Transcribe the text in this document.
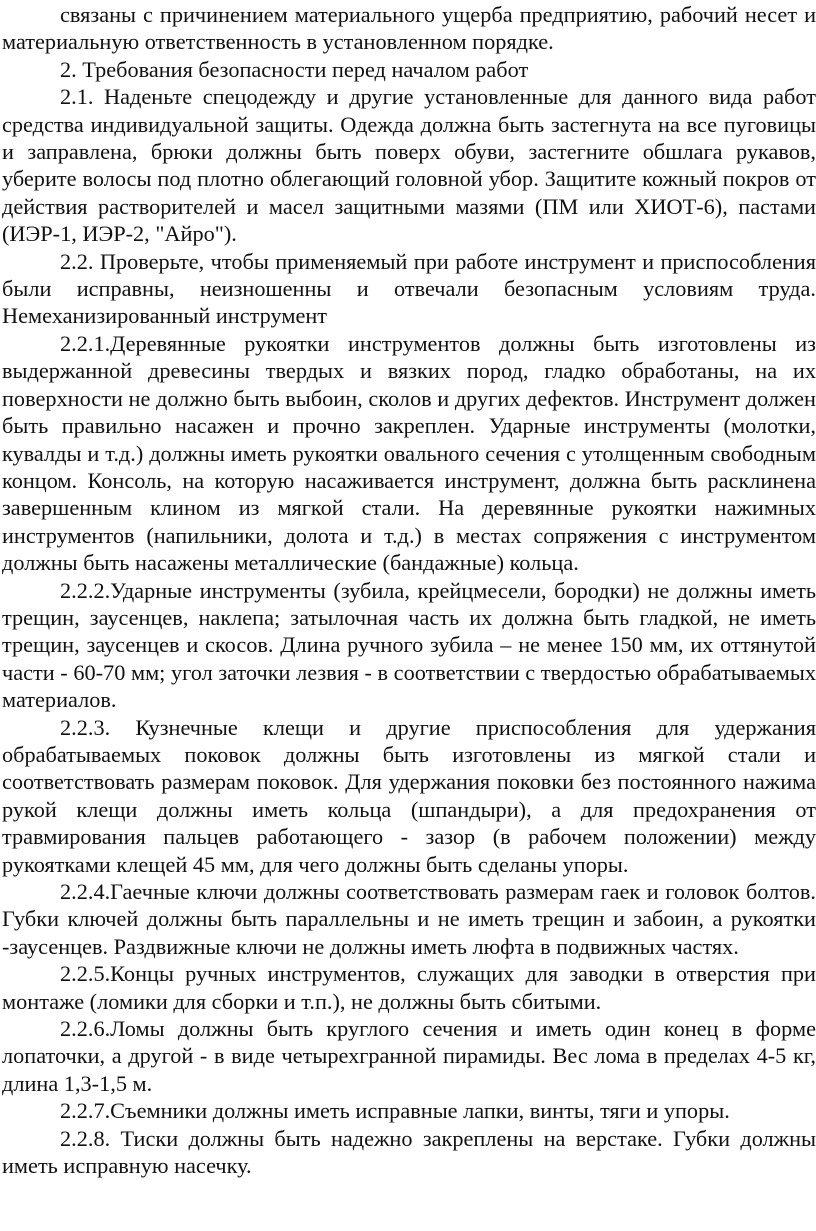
связаны с причинением материального ущерба предприятию, рабочий несет и материальную ответственность в установленном порядке.

2. Требования безопасности перед началом работ

2.1. Наденьте спецодежду и другие установленные для данного вида работ средства индивидуальной защиты. Одежда должна быть застегнута на все пуговицы и заправлена, брюки должны быть поверх обуви, застегните обшлага рукавов, уберите волосы под плотно облегающий головной убор. Защитите кожный покров от действия растворителей и масел защитными мазями (ПМ или ХИОТ-6), пастами (ИЭР-1, ИЭР-2, "Айро").

2.2. Проверьте, чтобы применяемый при работе инструмент и приспособления были исправны, неизношенны и отвечали безопасным условиям труда. Немеханизированный инструмент

2.2.1.Деревянные рукоятки инструментов должны быть изготовлены из выдержанной древесины твердых и вязких пород, гладко обработаны, на их поверхности не должно быть выбоин, сколов и других дефектов. Инструмент должен быть правильно насажен и прочно закреплен. Ударные инструменты (молотки, кувалды и т.д.) должны иметь рукоятки овального сечения с утолщенным свободным концом. Консоль, на которую насаживается инструмент, должна быть расклинена завершенным клином из мягкой стали. На деревянные рукоятки нажимных инструментов (напильники, долота и т.д.) в местах сопряжения с инструментом должны быть насажены металлические (бандажные) кольца.

2.2.2.Ударные инструменты (зубила, крейцмесели, бородки) не должны иметь трещин, заусенцев, наклепа; затылочная часть их должна быть гладкой, не иметь трещин, заусенцев и скосов. Длина ручного зубила – не менее 150 мм, их оттянутой части - 60-70 мм; угол заточки лезвия - в соответствии с твердостью обрабатываемых материалов.

2.2.3. Кузнечные клещи и другие приспособления для удержания обрабатываемых поковок должны быть изготовлены из мягкой стали и соответствовать размерам поковок. Для удержания поковки без постоянного нажима рукой клещи должны иметь кольца (шпандыри), а для предохранения от травмирования пальцев работающего - зазор (в рабочем положении) между рукоятками клещей 45 мм, для чего должны быть сделаны упоры.

2.2.4.Гаечные ключи должны соответствовать размерам гаек и головок болтов. Губки ключей должны быть параллельны и не иметь трещин и забоин, а рукоятки -заусенцев. Раздвижные ключи не должны иметь люфта в подвижных частях.

2.2.5.Концы ручных инструментов, служащих для заводки в отверстия при монтаже (ломики для сборки и т.п.), не должны быть сбитыми.

2.2.6.Ломы должны быть круглого сечения и иметь один конец в форме лопаточки, а другой - в виде четырехгранной пирамиды. Вес лома в пределах 4-5 кг, длина 1,3-1,5 м.

2.2.7.Съемники должны иметь исправные лапки, винты, тяги и упоры.

2.2.8. Тиски должны быть надежно закреплены на верстаке. Губки должны иметь исправную насечку.
